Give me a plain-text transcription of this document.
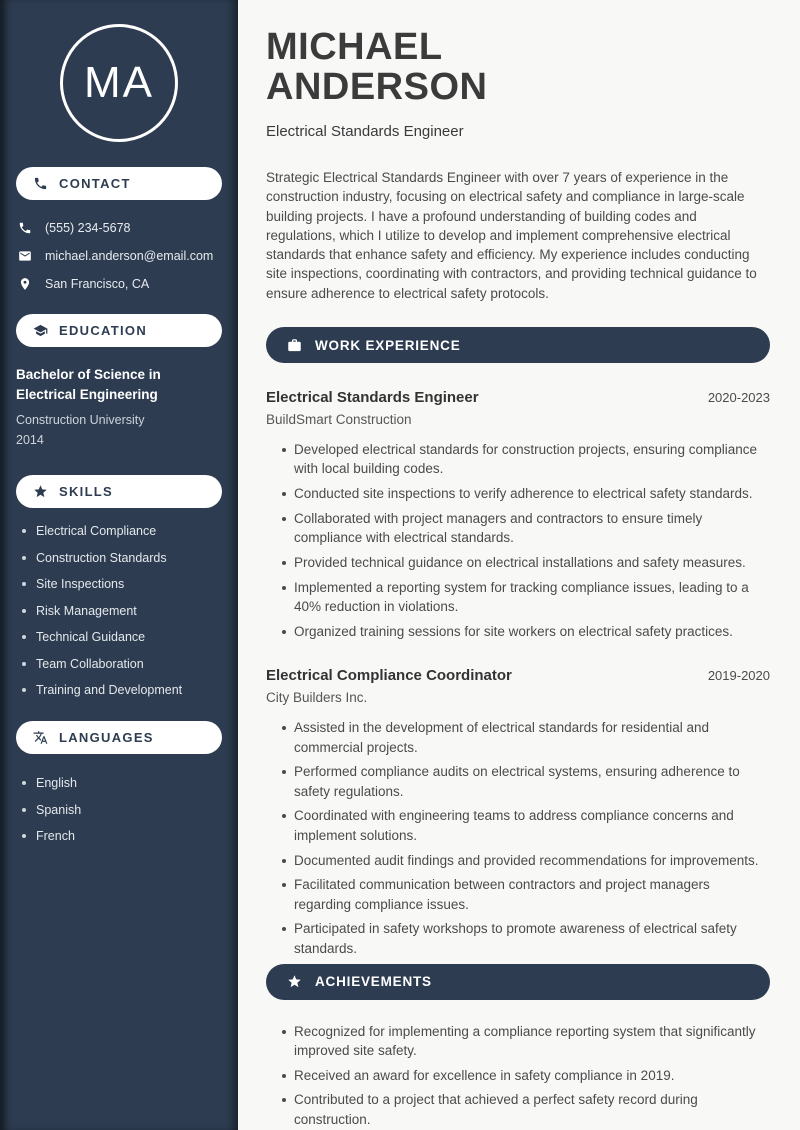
MA
CONTACT
(555) 234-5678
michael.anderson@email.com
San Francisco, CA
EDUCATION
Bachelor of Science in Electrical Engineering
Construction University
2014
SKILLS
Electrical Compliance
Construction Standards
Site Inspections
Risk Management
Technical Guidance
Team Collaboration
Training and Development
LANGUAGES
English
Spanish
French
MICHAEL
ANDERSON
Electrical Standards Engineer

Strategic Electrical Standards Engineer with over 7 years of experience in the construction industry, focusing on electrical safety and compliance in large-scale building projects. I have a profound understanding of building codes and regulations, which I utilize to develop and implement comprehensive electrical standards that enhance safety and efficiency. My experience includes conducting site inspections, coordinating with contractors, and providing technical guidance to ensure adherence to electrical safety protocols.

WORK EXPERIENCE
Electrical Standards Engineer	2020-2023
BuildSmart Construction
Developed electrical standards for construction projects, ensuring compliance with local building codes.
Conducted site inspections to verify adherence to electrical safety standards.
Collaborated with project managers and contractors to ensure timely compliance with electrical standards.
Provided technical guidance on electrical installations and safety measures.
Implemented a reporting system for tracking compliance issues, leading to a 40% reduction in violations.
Organized training sessions for site workers on electrical safety practices.
Electrical Compliance Coordinator	2019-2020
City Builders Inc.
Assisted in the development of electrical standards for residential and commercial projects.
Performed compliance audits on electrical systems, ensuring adherence to safety regulations.
Coordinated with engineering teams to address compliance concerns and implement solutions.
Documented audit findings and provided recommendations for improvements.
Facilitated communication between contractors and project managers regarding compliance issues.
Participated in safety workshops to promote awareness of electrical safety standards.
ACHIEVEMENTS
Recognized for implementing a compliance reporting system that significantly improved site safety.
Received an award for excellence in safety compliance in 2019.
Contributed to a project that achieved a perfect safety record during construction.
